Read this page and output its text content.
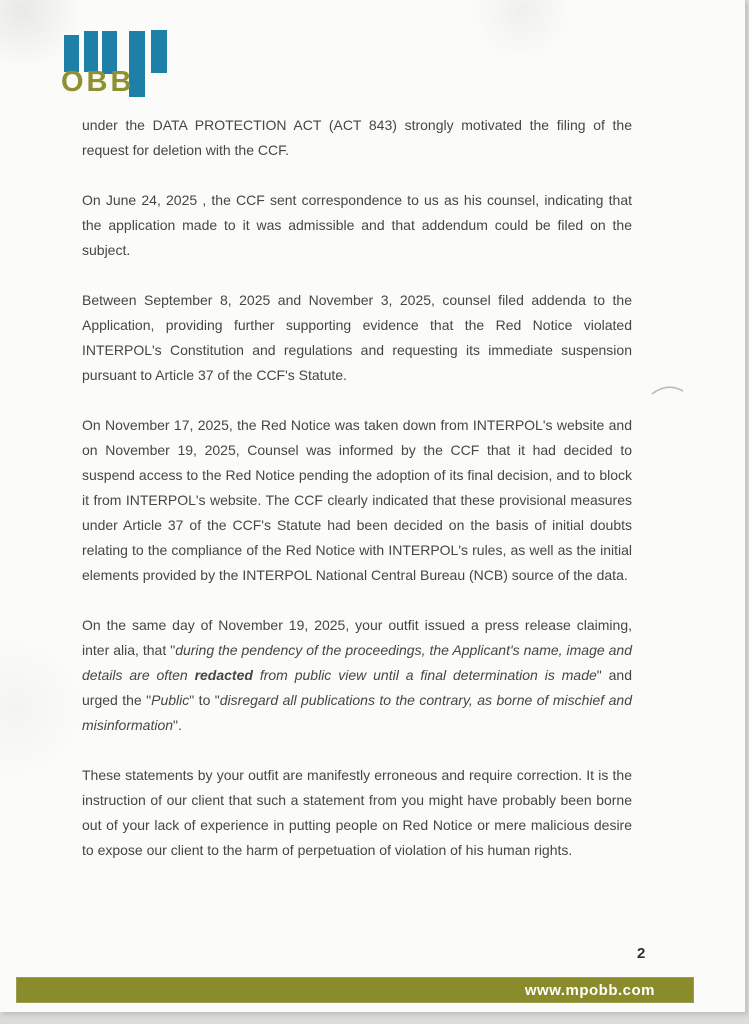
OBB

under the DATA PROTECTION ACT (ACT 843) strongly motivated the filing of the request for deletion with the CCF.

On June 24, 2025 , the CCF sent correspondence to us as his counsel, indicating that the application made to it was admissible and that addendum could be filed on the subject.

Between September 8, 2025 and November 3, 2025, counsel filed addenda to the Application, providing further supporting evidence that the Red Notice violated INTERPOL's Constitution and regulations and requesting its immediate suspension pursuant to Article 37 of the CCF's Statute.

On November 17, 2025, the Red Notice was taken down from INTERPOL's website and on November 19, 2025, Counsel was informed by the CCF that it had decided to suspend access to the Red Notice pending the adoption of its final decision, and to block it from INTERPOL's website. The CCF clearly indicated that these provisional measures under Article 37 of the CCF's Statute had been decided on the basis of initial doubts relating to the compliance of the Red Notice with INTERPOL's rules, as well as the initial elements provided by the INTERPOL National Central Bureau (NCB) source of the data.

On the same day of November 19, 2025, your outfit issued a press release claiming, inter alia, that "during the pendency of the proceedings, the Applicant's name, image and details are often redacted from public view until a final determination is made" and urged the "Public" to "disregard all publications to the contrary, as borne of mischief and misinformation".

These statements by your outfit are manifestly erroneous and require correction. It is the instruction of our client that such a statement from you might have probably been borne out of your lack of experience in putting people on Red Notice or mere malicious desire to expose our client to the harm of perpetuation of violation of his human rights.

2
www.mpobb.com
